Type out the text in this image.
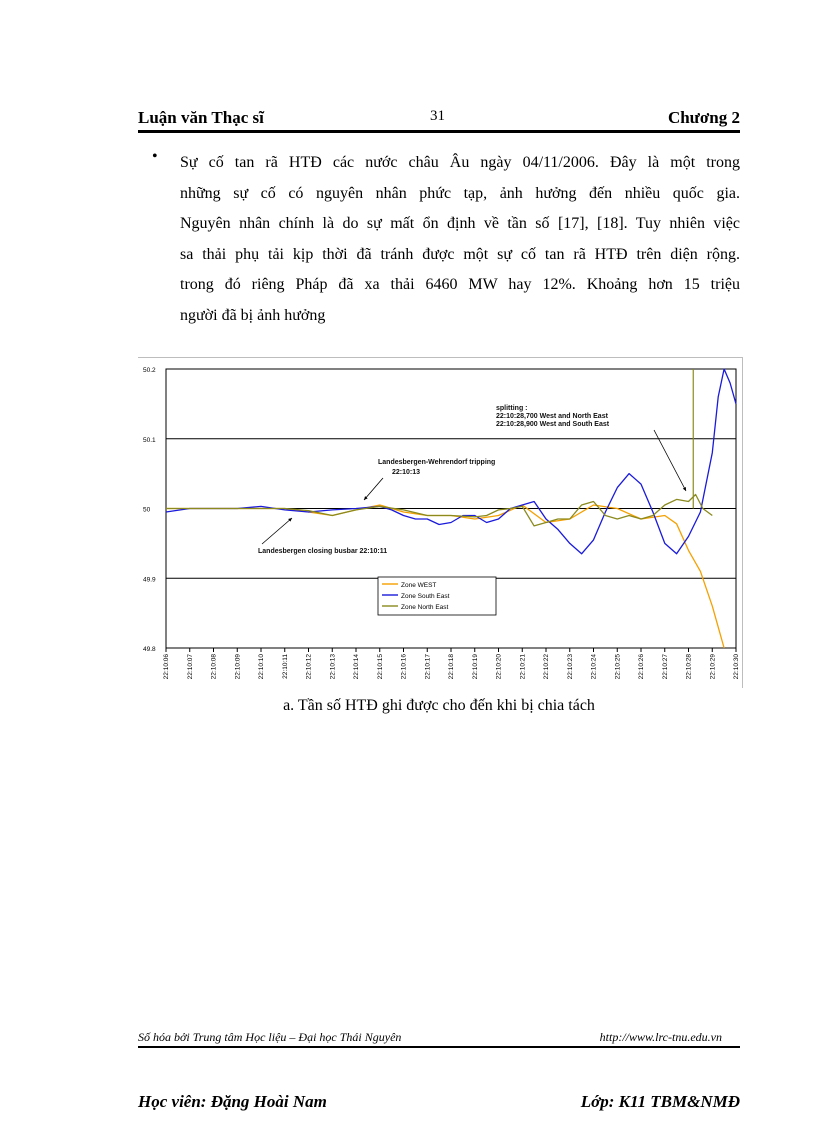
Luận văn Thạc sĩ	31	Chương 2
• Sự cố tan rã HTĐ các nước châu Âu ngày 04/11/2006. Đây là một trong
những sự cố có nguyên nhân phức tạp, ảnh hưởng đến nhiều quốc gia.
Nguyên nhân chính là do sự mất ổn định về tần số [17], [18]. Tuy nhiên việc
sa thải phụ tải kịp thời đã tránh được một sự cố tan rã HTĐ trên diện rộng.
trong đó riêng Pháp đã xa thải 6460 MW hay 12%. Khoảng hơn 15 triệu
người đã bị ảnh hưởng
50.2
50.1
50
49.9
49.8
22:10:06	22:10:07	22:10:08	22:10:09	22:10:10	22:10:11	22:10:12	22:10:13	22:10:14	22:10:15	22:10:16	22:10:17	22:10:18	22:10:19	22:10:20	22:10:21	22:10:22	22:10:23	22:10:24	22:10:25	22:10:26	22:10:27	22:10:28	22:10:29	22:10:30
splitting :
22:10:28,700 West and North East
22:10:28,900 West and South East
Landesbergen-Wehrendorf tripping
22:10:13
Landesbergen closing busbar 22:10:11
Zone WEST
Zone South East
Zone North East
a. Tần số HTĐ ghi được cho đến khi bị chia tách
Số hóa bởi Trung tâm Học liệu – Đại học Thái Nguyên	http://www.lrc-tnu.edu.vn
Học viên: Đặng Hoài Nam	Lớp: K11 TBM&NMĐ
